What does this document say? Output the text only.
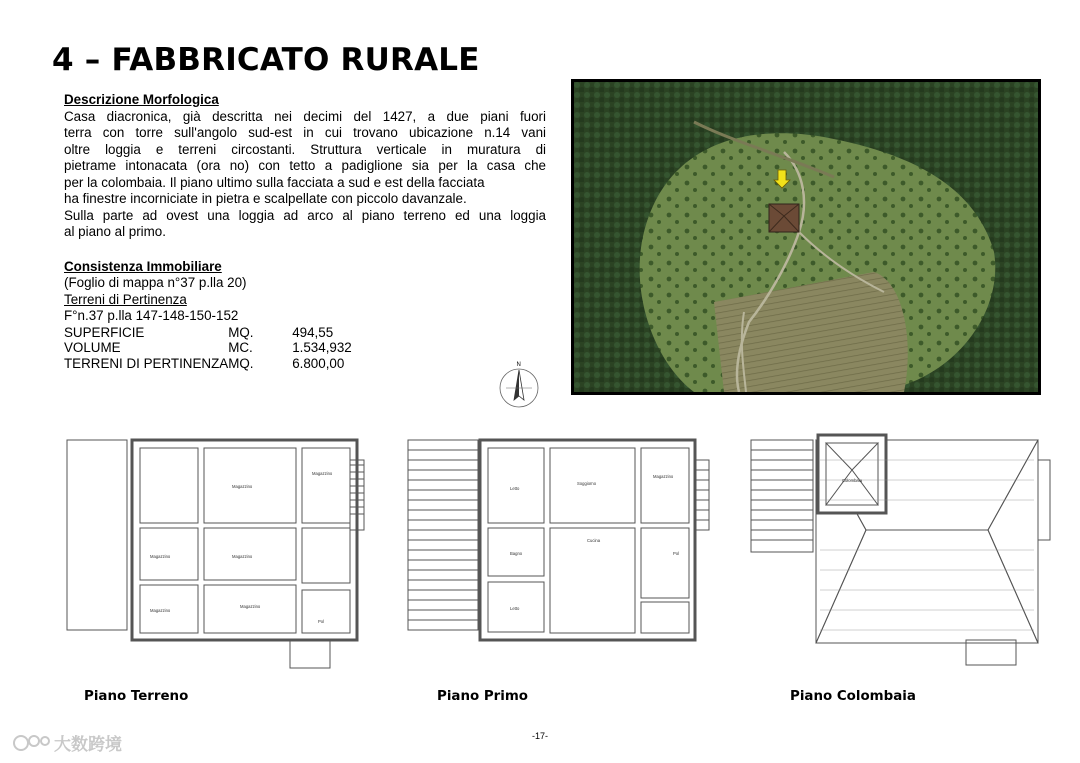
4 – FABBRICATO RURALE
Descrizione Morfologica
Casa diacronica, già descritta nei decimi del 1427, a due piani fuori
terra con torre sull'angolo sud-est in cui trovano ubicazione n.14 vani
oltre loggia e terreni circostanti. Struttura verticale in muratura di
pietrame intonacata (ora no) con tetto a padiglione sia per la casa che
per la colombaia. Il piano ultimo sulla facciata a sud e est della facciata
ha finestre incorniciate in pietra e scalpellate con piccolo davanzale.
Sulla parte ad ovest una loggia ad arco al piano terreno ed una loggia
al piano al primo.
Consistenza Immobiliare
(Foglio di mappa n°37 p.lla 20)
Terreni di Pertinenza
F°n.37 p.lla 147-148-150-152
SUPERFICIE	MQ.	494,55
VOLUME	MC.	1.534,932
TERRENI DI PERTINENZA	MQ.	6.800,00	N
Magazzino
Magazzino
Magazzino	Magazzino
Magazzino
Magazzino
Pol
Piano Terreno
Letto
Soggiorno
Magazzino
Bagno
Cucina
Pol
Letto
Piano Primo
Colombaia
Piano Colombaia
-17-
大数跨境
